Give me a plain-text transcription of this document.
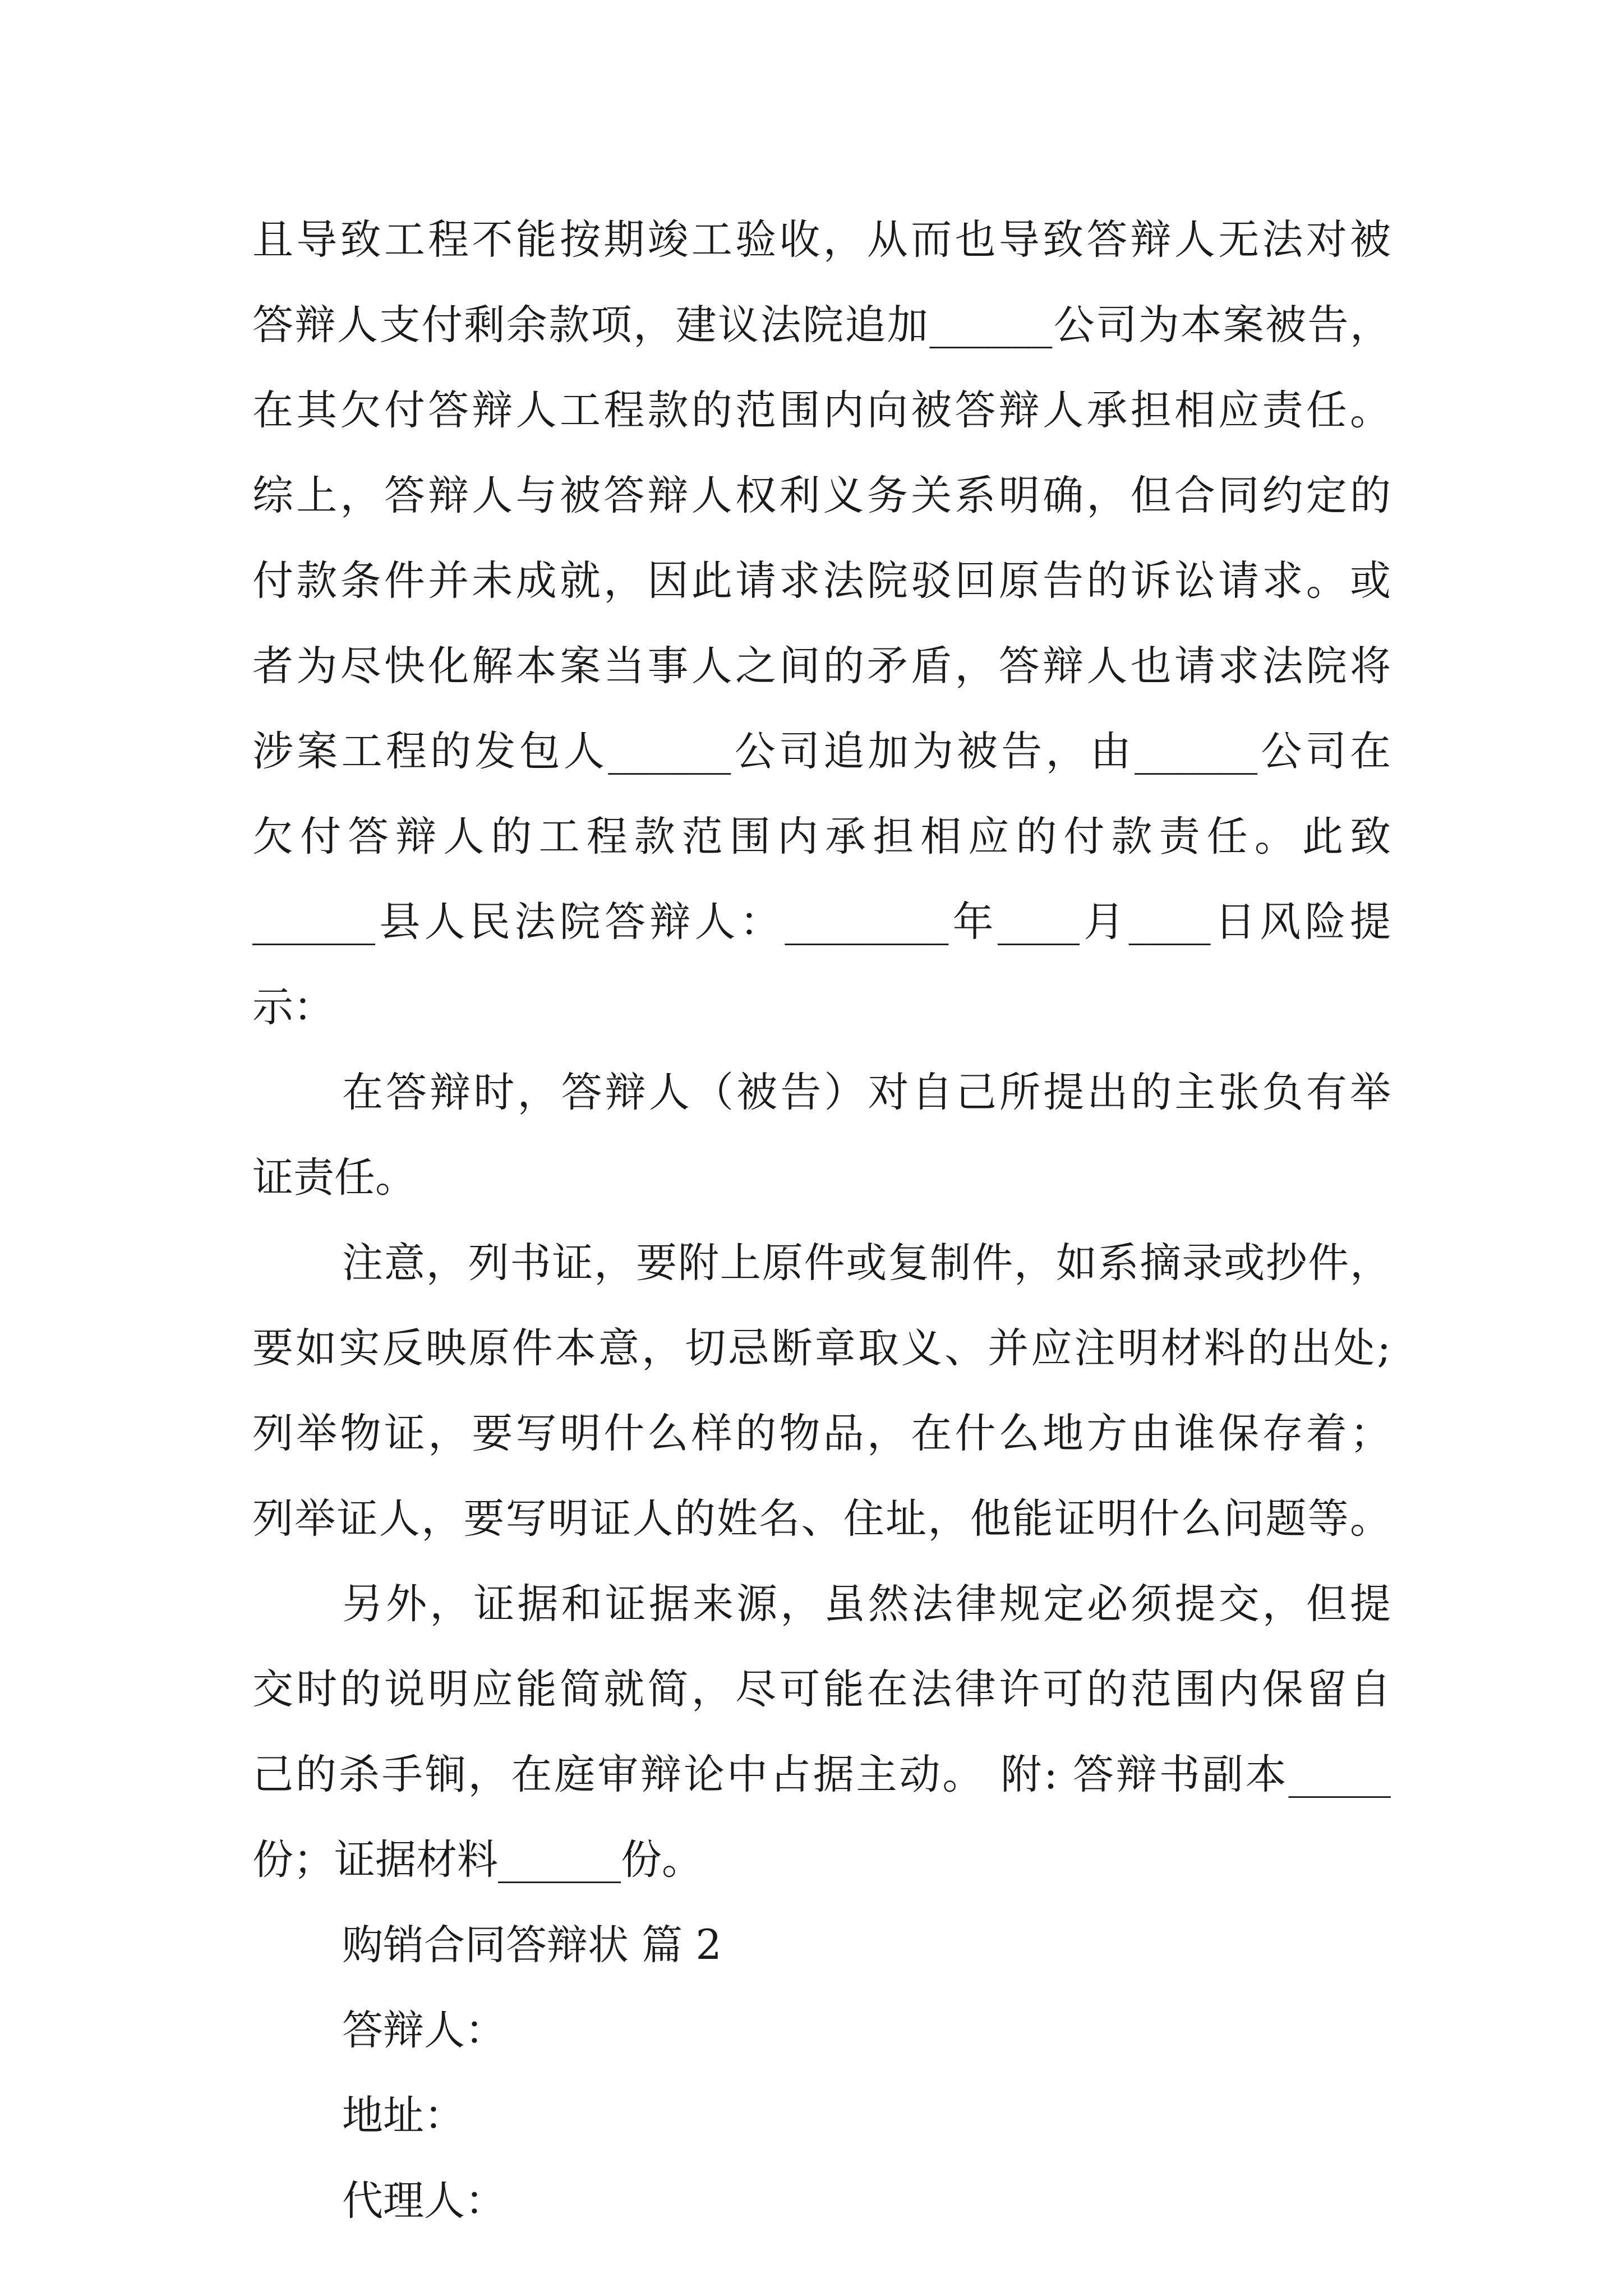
且导致工程不能按期竣工验收，从而也导致答辩人无法对被
答辩人支付剩余款项，建议法院追加______公司为本案被告，
在其欠付答辩人工程款的范围内向被答辩人承担相应责任。
综上，答辩人与被答辩人权利义务关系明确，但合同约定的
付款条件并未成就，因此请求法院驳回原告的诉讼请求。或
者为尽快化解本案当事人之间的矛盾，答辩人也请求法院将
涉案工程的发包人______公司追加为被告，由______公司在
欠付答辩人的工程款范围内承担相应的付款责任。此致
______县人民法院答辩人：________年____月____日风险提
示：
在答辩时，答辩人（被告）对自己所提出的主张负有举
证责任。
注意，列书证，要附上原件或复制件，如系摘录或抄件，
要如实反映原件本意，切忌断章取义、并应注明材料的出处;
列举物证，要写明什么样的物品，在什么地方由谁保存着；
列举证人，要写明证人的姓名、住址，他能证明什么问题等。
另外，证据和证据来源，虽然法律规定必须提交，但提
交时的说明应能简就简，尽可能在法律许可的范围内保留自
己的杀手锏，在庭审辩论中占据主动。 附: 答辩书副本_____
份；证据材料______份。
购销合同答辩状 篇 2
答辩人：
地址：
代理人：
